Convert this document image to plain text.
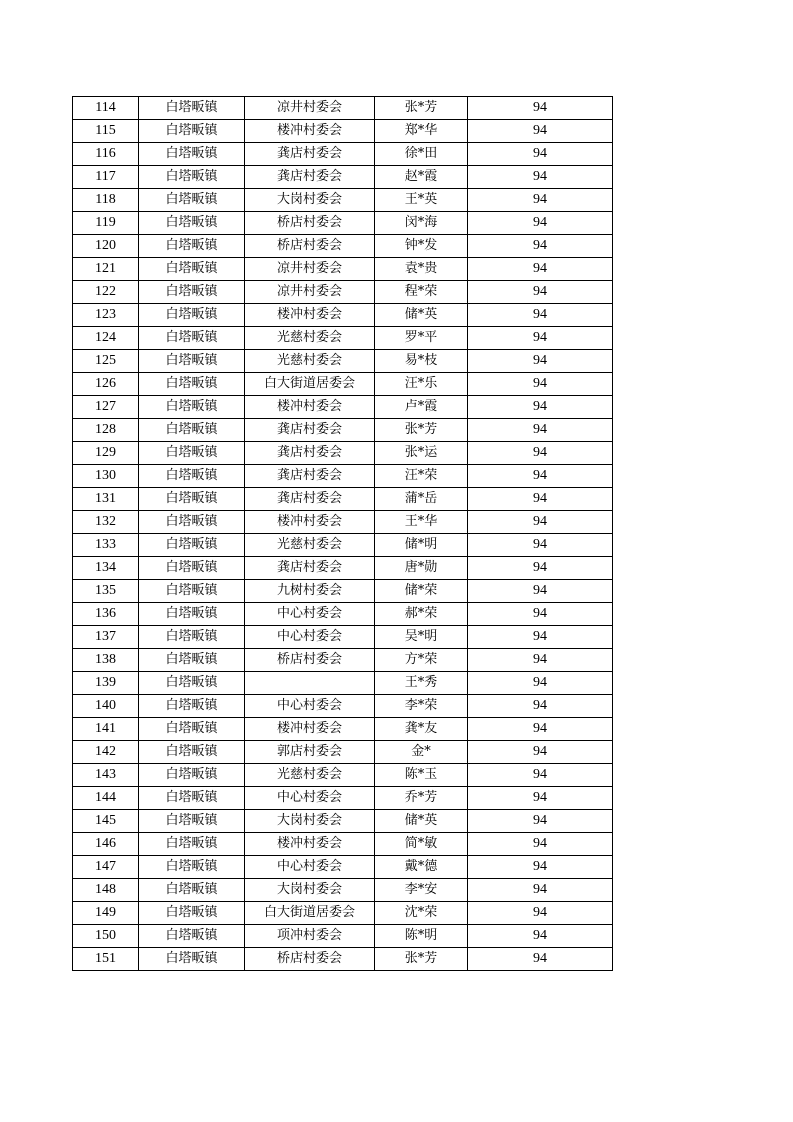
114	白塔畈镇	凉井村委会	张*芳	94
115	白塔畈镇	楼冲村委会	郑*华	94
116	白塔畈镇	龚店村委会	徐*田	94
117	白塔畈镇	龚店村委会	赵*霞	94
118	白塔畈镇	大岗村委会	王*英	94
119	白塔畈镇	桥店村委会	闵*海	94
120	白塔畈镇	桥店村委会	钟*发	94
121	白塔畈镇	凉井村委会	袁*贵	94
122	白塔畈镇	凉井村委会	程*荣	94
123	白塔畈镇	楼冲村委会	储*英	94
124	白塔畈镇	光慈村委会	罗*平	94
125	白塔畈镇	光慈村委会	易*枝	94
126	白塔畈镇	白大街道居委会	汪*乐	94
127	白塔畈镇	楼冲村委会	卢*霞	94
128	白塔畈镇	龚店村委会	张*芳	94
129	白塔畈镇	龚店村委会	张*运	94
130	白塔畈镇	龚店村委会	汪*荣	94
131	白塔畈镇	龚店村委会	蒲*岳	94
132	白塔畈镇	楼冲村委会	王*华	94
133	白塔畈镇	光慈村委会	储*明	94
134	白塔畈镇	龚店村委会	唐*勋	94
135	白塔畈镇	九树村委会	储*荣	94
136	白塔畈镇	中心村委会	郝*荣	94
137	白塔畈镇	中心村委会	吴*明	94
138	白塔畈镇	桥店村委会	方*荣	94
139	白塔畈镇		王*秀	94
140	白塔畈镇	中心村委会	李*荣	94
141	白塔畈镇	楼冲村委会	龚*友	94
142	白塔畈镇	郭店村委会	金*	94
143	白塔畈镇	光慈村委会	陈*玉	94
144	白塔畈镇	中心村委会	乔*芳	94
145	白塔畈镇	大岗村委会	储*英	94
146	白塔畈镇	楼冲村委会	简*敏	94
147	白塔畈镇	中心村委会	戴*德	94
148	白塔畈镇	大岗村委会	李*安	94
149	白塔畈镇	白大街道居委会	沈*荣	94
150	白塔畈镇	项冲村委会	陈*明	94
151	白塔畈镇	桥店村委会	张*芳	94
